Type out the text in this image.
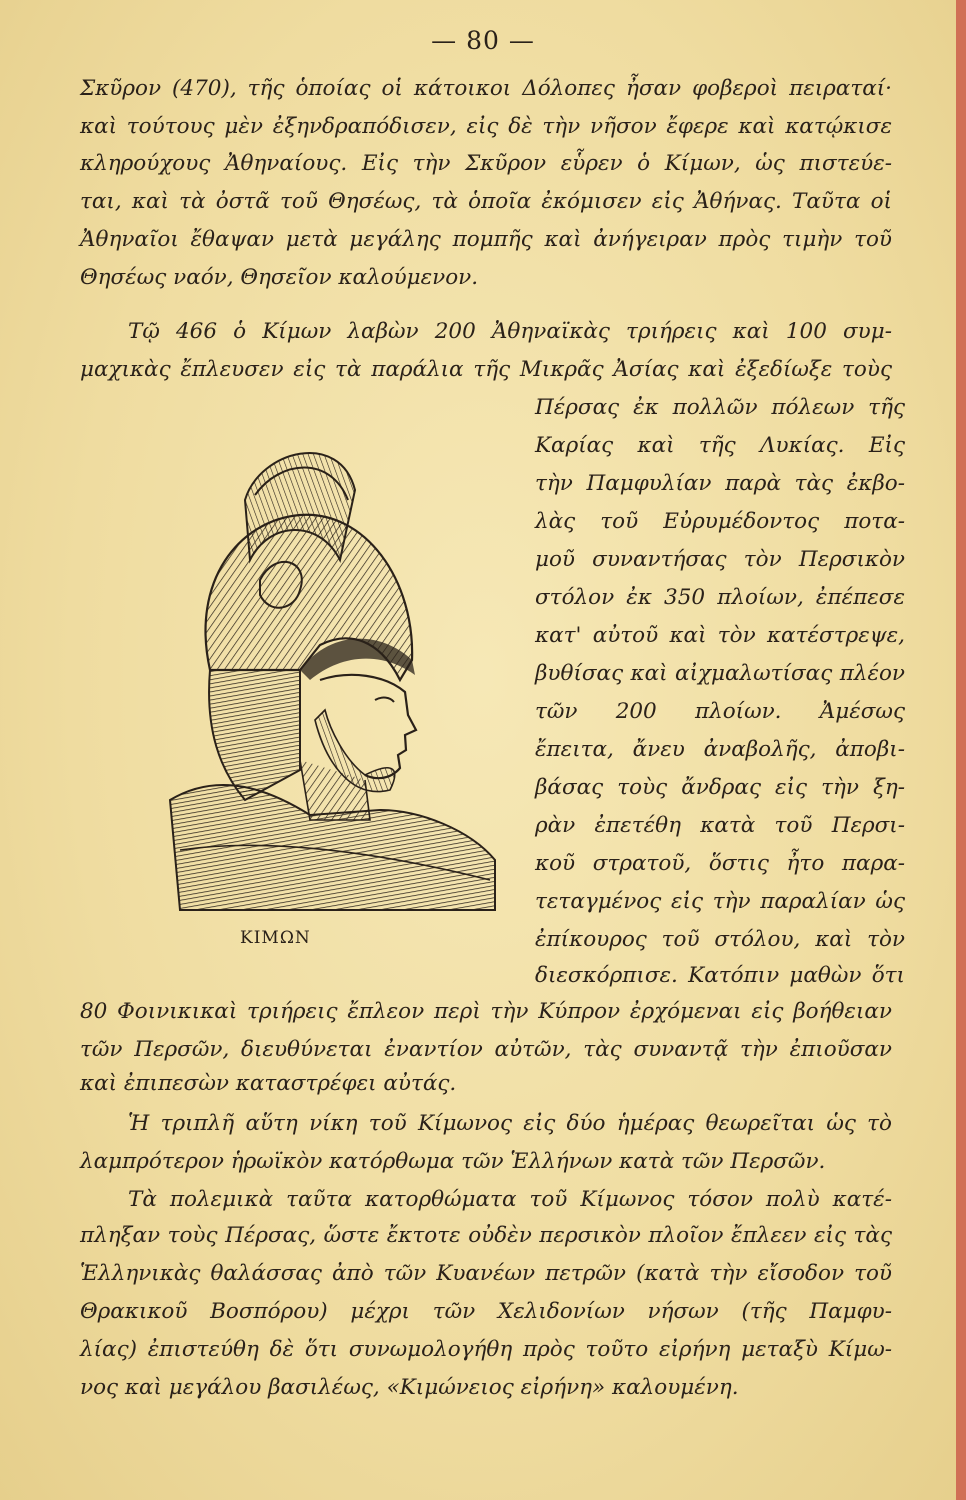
— 80 —
Σκῦρον (470), τῆς ὁποίας οἱ κάτοικοι Δόλοπες ἦσαν φοβεροὶ πειραταί·
καὶ τούτους μὲν ἐξηνδραπόδισεν, εἰς δὲ τὴν νῆσον ἔφερε καὶ κατῴκισε
κληρούχους Ἀθηναίους. Εἰς τὴν Σκῦρον εὗρεν ὁ Κίμων, ὡς πιστεύε-
ται, καὶ τὰ ὀστᾶ τοῦ Θησέως, τὰ ὁποῖα ἐκόμισεν εἰς Ἀθήνας. Ταῦτα οἱ
Ἀθηναῖοι ἔθαψαν μετὰ μεγάλης πομπῆς καὶ ἀνήγειραν πρὸς τιμὴν τοῦ
Θησέως ναόν, Θησεῖον καλούμενον.
Τῷ 466 ὁ Κίμων λαβὼν 200 Ἀθηναϊκὰς τριήρεις καὶ 100 συμ-
μαχικὰς ἔπλευσεν εἰς τὰ παράλια τῆς Μικρᾶς Ἀσίας καὶ ἐξεδίωξε τοὺς
Πέρσας ἐκ πολλῶν πόλεων τῆς
Καρίας καὶ τῆς Λυκίας. Εἰς
τὴν Παμφυλίαν παρὰ τὰς ἐκβο-
λὰς τοῦ Εὐρυμέδοντος ποτα-
μοῦ συναντήσας τὸν Περσικὸν
στόλον ἐκ 350 πλοίων, ἐπέπεσε
κατ' αὐτοῦ καὶ τὸν κατέστρεψε,
βυθίσας καὶ αἰχμαλωτίσας πλέον
τῶν 200 πλοίων. Ἀμέσως
ἔπειτα, ἄνευ ἀναβολῆς, ἀποβι-
βάσας τοὺς ἄνδρας εἰς τὴν ξη-
ρὰν ἐπετέθη κατὰ τοῦ Περσι-
κοῦ στρατοῦ, ὅστις ἦτο παρα-
τεταγμένος εἰς τὴν παραλίαν ὡς
ἐπίκουρος τοῦ στόλου, καὶ τὸν
διεσκόρπισε. Κατόπιν μαθὼν ὅτι
80 Φοινικικαὶ τριήρεις ἔπλεον περὶ τὴν Κύπρον ἐρχόμεναι εἰς βοήθειαν
τῶν Περσῶν, διευθύνεται ἐναντίον αὐτῶν, τὰς συναντᾷ τὴν ἐπιοῦσαν
καὶ ἐπιπεσὼν καταστρέφει αὐτάς.
Ἡ τριπλῆ αὕτη νίκη τοῦ Κίμωνος εἰς δύο ἡμέρας θεωρεῖται ὡς τὸ
λαμπρότερον ἡρωϊκὸν κατόρθωμα τῶν Ἑλλήνων κατὰ τῶν Περσῶν.
Τὰ πολεμικὰ ταῦτα κατορθώματα τοῦ Κίμωνος τόσον πολὺ κατέ-
πληξαν τοὺς Πέρσας, ὥστε ἔκτοτε οὐδὲν περσικὸν πλοῖον ἔπλεεν εἰς τὰς
Ἑλληνικὰς θαλάσσας ἀπὸ τῶν Κυανέων πετρῶν (κατὰ τὴν εἴσοδον τοῦ
Θρακικοῦ Βοσπόρου) μέχρι τῶν Χελιδονίων νήσων (τῆς Παμφυ-
λίας) ἐπιστεύθη δὲ ὅτι συνωμολογήθη πρὸς τοῦτο εἰρήνη μεταξὺ Κίμω-
νος καὶ μεγάλου βασιλέως, «Κιμώνειος εἰρήνη» καλουμένη.
ΚΙΜΩΝ
